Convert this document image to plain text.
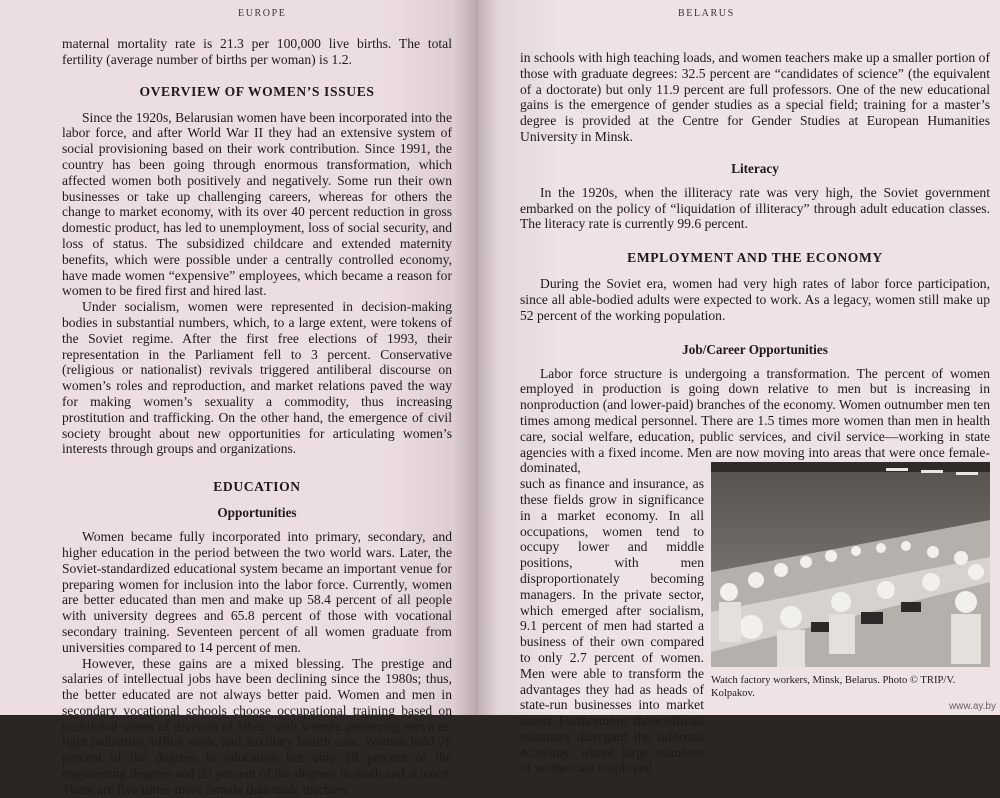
EUROPE

maternal mortality rate is 21.3 per 100,000 live births. The total fertility (average number of births per woman) is 1.2.

OVERVIEW OF WOMEN’S ISSUES

Since the 1920s, Belarusian women have been incorporated into the labor force, and after World War II they had an extensive system of social provisioning based on their work contribution. Since 1991, the country has been going through enormous transformation, which affected women both positively and negatively. Some run their own businesses or take up challenging careers, whereas for others the change to market economy, with its over 40 percent reduction in gross domestic product, has led to unemployment, loss of social security, and loss of status. The subsidized childcare and extended maternity benefits, which were possible under a centrally controlled economy, have made women “expensive” employees, which became a reason for women to be fired first and hired last.

Under socialism, women were represented in decision-making bodies in substantial numbers, which, to a large extent, were tokens of the Soviet regime. After the first free elections of 1993, their representation in the Parliament fell to 3 percent. Conservative (religious or nationalist) revivals triggered antiliberal discourse on women’s roles and reproduction, and market relations paved the way for making women’s sexuality a commodity, thus increasing prostitution and trafficking. On the other hand, the emergence of civil society brought about new opportunities for articulating women’s interests through groups and organizations.

EDUCATION
Opportunities

Women became fully incorporated into primary, secondary, and higher education in the period between the two world wars. Later, the Soviet-standardized educational system became an important venue for preparing women for inclusion into the labor force. Currently, women are better educated than men and make up 58.4 percent of all people with university degrees and 65.8 percent of those with vocational secondary training. Seventeen percent of all women graduate from universities compared to 14 percent of men.

However, these gains are a mixed blessing. The prestige and salaries of intellectual jobs have been declining since the 1980s; thus, the better educated are not always better paid. Women and men in secondary vocational schools choose occupational training based on traditional views of division of labor, with women preferring services, light industries, office work, and auxiliary health care. Women hold 76 percent of the degrees in education but only 28 percent of the engineering degrees and 33 percent of the degrees in math and science. There are five times more female than male teachers

BELARUS

in schools with high teaching loads, and women teachers make up a smaller portion of those with graduate degrees: 32.5 percent are “candidates of science” (the equivalent of a doctorate) but only 11.9 percent are full professors. One of the new educational gains is the emergence of gender studies as a special field; training for a master’s degree is provided at the Centre for Gender Studies at European Humanities University in Minsk.

Literacy

In the 1920s, when the illiteracy rate was very high, the Soviet government embarked on the policy of “liquidation of illiteracy” through adult education classes. The literacy rate is currently 99.6 percent.

EMPLOYMENT AND THE ECONOMY

During the Soviet era, women had very high rates of labor force participation, since all able-bodied adults were expected to work. As a legacy, women still make up 52 percent of the working population.

Job/Career Opportunities

Labor force structure is undergoing a transformation. The percent of women employed in production is going down relative to men but is increasing in nonproduction (and lower-paid) branches of the economy. Women outnumber men ten times among medical personnel. There are 1.5 times more women than men in health care, social welfare, education, public services, and civil service—working in state agencies with a fixed income. Men are now moving into areas that were once female-dominated,

such as finance and insurance, as these fields grow in significance in a market economy. In all occupations, women tend to occupy lower and middle positions, with men disproportionately becoming managers. In the private sector, which emerged after socialism, 9.1 percent of men had started a business of their own compared to only 2.7 percent of women. Men were able to transform the advantages they had as heads of state-run businesses into market assets. Furthermore, these official estimates disregard the informal economy, where large numbers of women are employed

Watch factory workers, Minsk, Belarus. Photo © TRIP/V. Kolpakov.
www.ay.by
